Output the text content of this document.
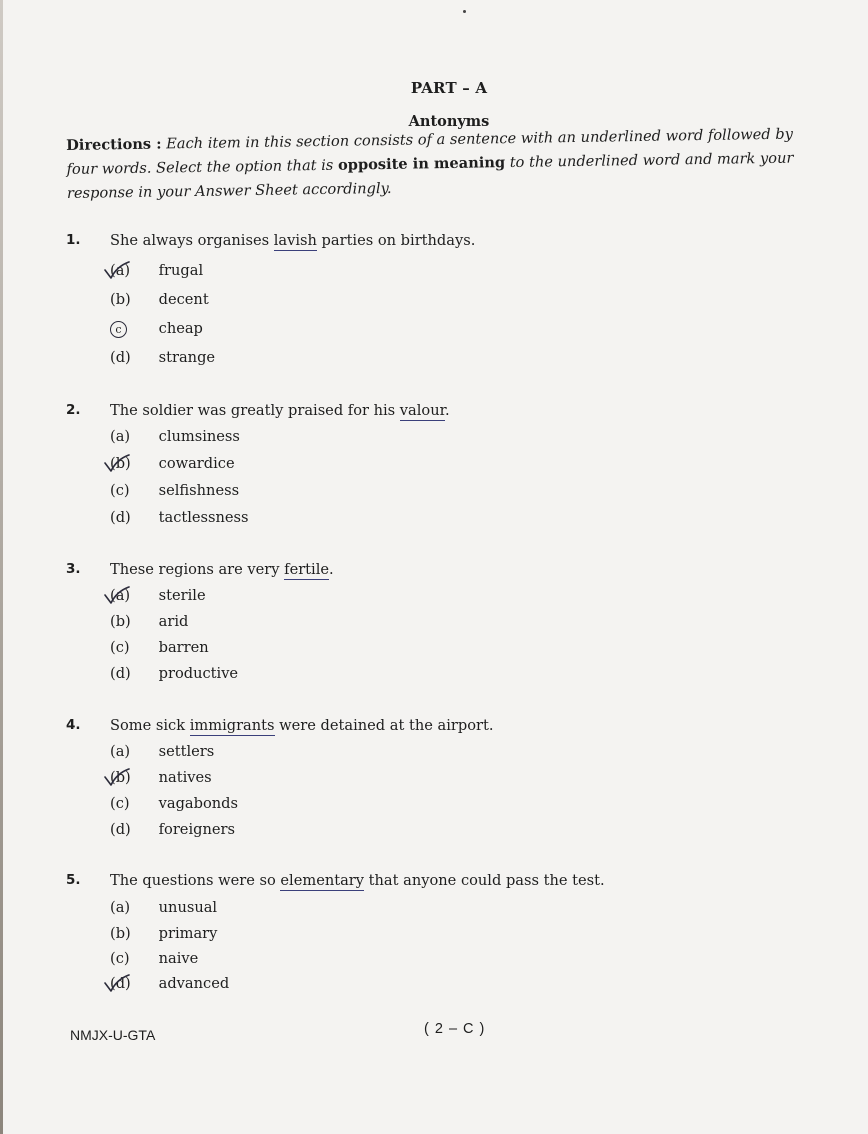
PART – A
Antonyms
Directions : Each item in this section consists of a sentence with an underlined word followed by four words. Select the option that is opposite in meaning to the underlined word and mark your response in your Answer Sheet accordingly.
1. She always organises lavish parties on birthdays.
(a) frugal
(b) decent
c	cheap
(d) strange
2. The soldier was greatly praised for his valour.
(a) clumsiness
(b) cowardice
(c) selfishness
(d) tactlessness
3. These regions are very fertile.
(a) sterile
(b) arid
(c) barren
(d) productive
4. Some sick immigrants were detained at the airport.
(a) settlers
(b) natives
(c) vagabonds
(d) foreigners
5. The questions were so elementary that anyone could pass the test.
(a) unusual
(b) primary
(c) naive
(d) advanced
NMJX-U-GTA	( 2 – C )
